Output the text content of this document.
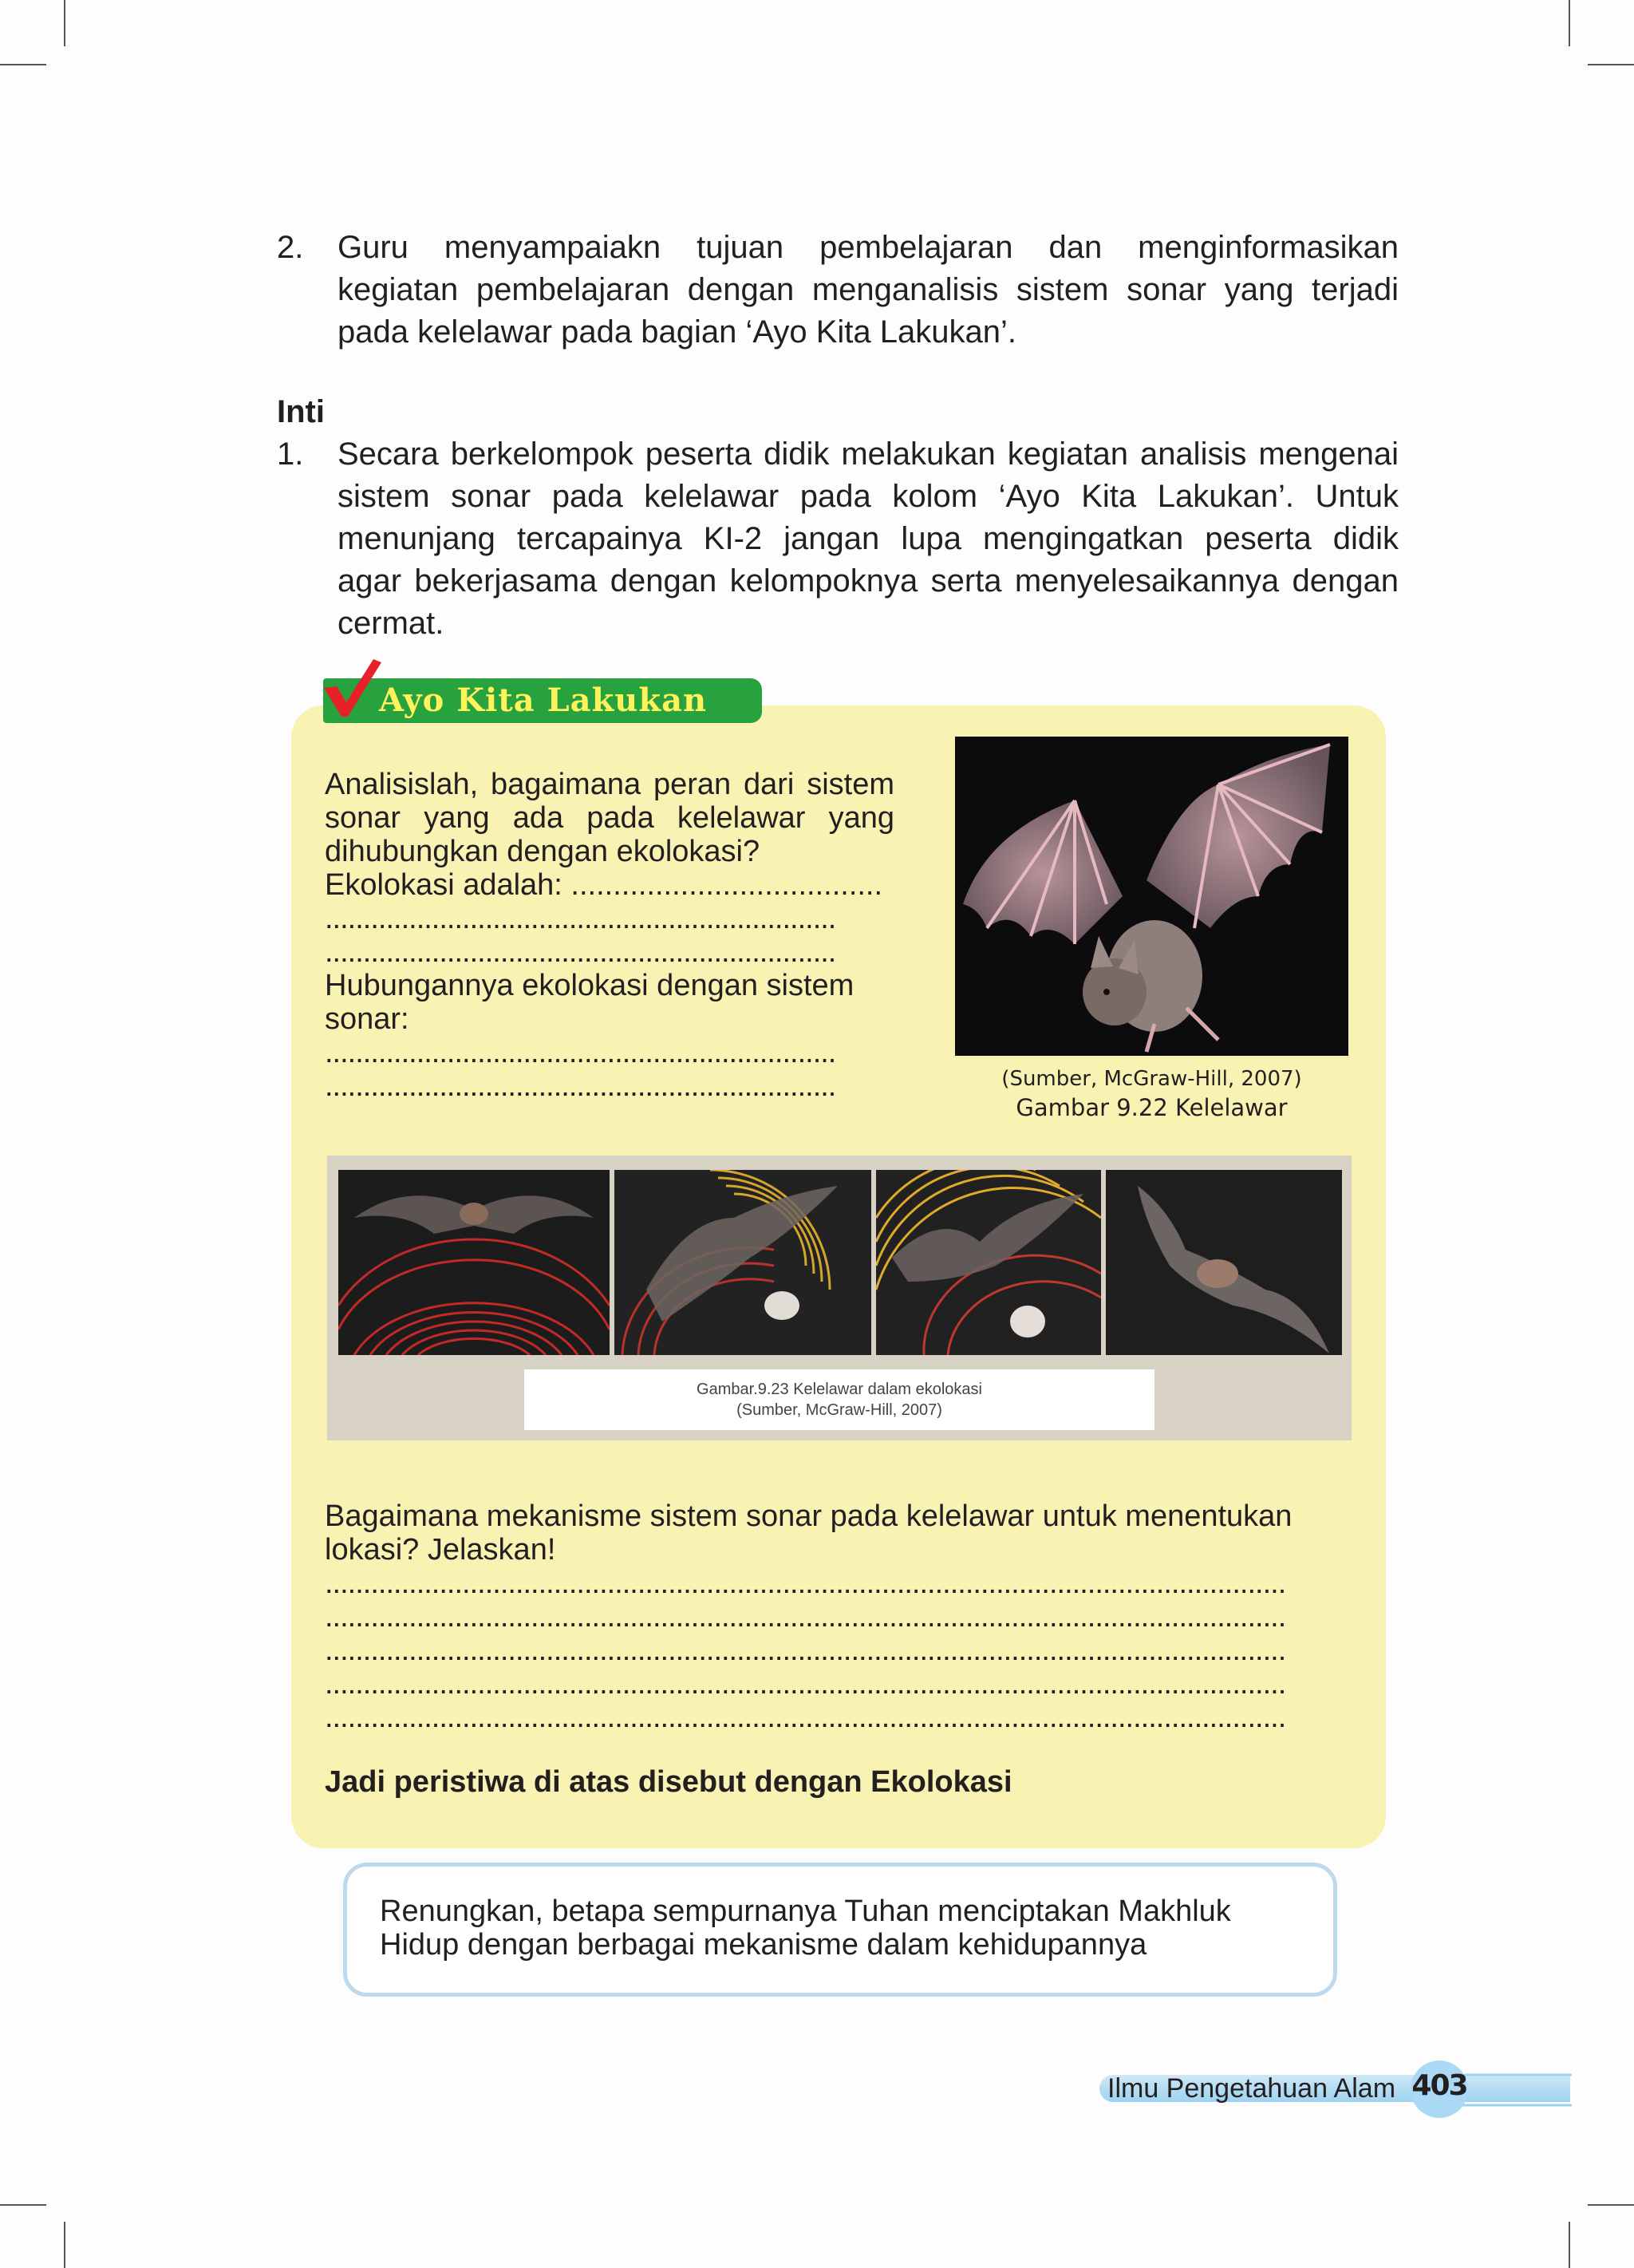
2. Guru menyampaiakn tujuan pembelajaran dan menginformasikan

kegiatan pembelajaran dengan menganalisis sistem sonar yang terjadi

pada kelelawar pada bagian ‘Ayo Kita Lakukan’.

Inti
1. Secara berkelompok peserta didik melakukan kegiatan analisis mengenai

sistem sonar pada kelelawar pada kolom ‘Ayo Kita Lakukan’. Untuk

menunjang tercapainya KI-2 jangan lupa mengingatkan peserta didik

agar bekerjasama dengan kelompoknya serta menyelesaikannya dengan

cermat.

Ayo Kita Lakukan
Analisislah, bagaimana peran dari sistem
sonar yang ada pada kelelawar yang
dihubungkan dengan ekolokasi?
Ekolokasi adalah: .....................................
...................................................................
...................................................................
Hubungannya ekolokasi dengan sistem
sonar:
...................................................................
...................................................................	(Sumber, McGraw-Hill, 2007)
Gambar 9.22 Kelelawar
Gambar.9.23 Kelelawar dalam ekolokasi
(Sumber, McGraw-Hill, 2007)
Bagaimana mekanisme sistem sonar pada kelelawar untuk menentukan
lokasi? Jelaskan!
..............................................................................................................................
..............................................................................................................................
..............................................................................................................................
..............................................................................................................................
..............................................................................................................................
Jadi peristiwa di atas disebut dengan Ekolokasi
Renungkan, betapa sempurnanya Tuhan menciptakan Makhluk
Hidup dengan berbagai mekanisme dalam kehidupannya
Ilmu Pengetahuan Alam 403
